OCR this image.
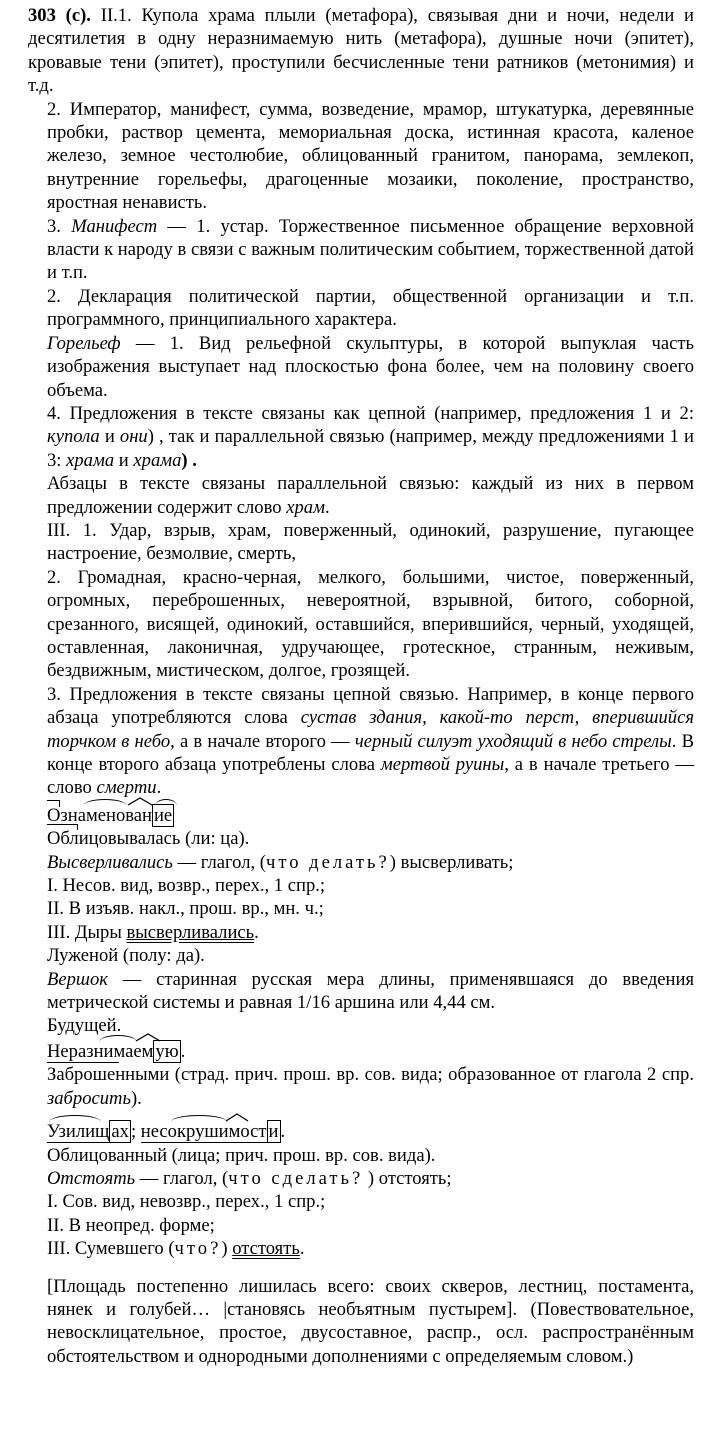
303 (с). II.1. Купола храма плыли (метафора), связывая дни и ночи, недели и десятилетия в одну неразнимаемую нить (метафора), душные ночи (эпитет), кровавые тени (эпитет), проступили бесчисленные тени ратников (метонимия) и т.д.

2. Император, манифест, сумма, возведение, мрамор, штукатурка, деревянные пробки, раствор цемента, мемориальная доска, истинная красота, каленое железо, земное честолюбие, облицованный гранитом, панорама, землекоп, внутренние горельефы, драгоценные мозаики, поколение, пространство, яростная ненависть.

3. Манифест — 1. устар. Торжественное письменное обращение верховной власти к народу в связи с важным политическим событием, торжественной датой и т.п.

2. Декларация политической партии, общественной организации и т.п. программного, принципиального характера.

Горельеф — 1. Вид рельефной скульптуры, в которой выпуклая часть изображения выступает над плоскостью фона более, чем на половину своего объема.

4. Предложения в тексте связаны как цепной (например, предложения 1 и 2: купола и они) , так и параллельной связью (например, между предложениями 1 и 3: храма и храма) .

Абзацы в тексте связаны параллельной связью: каждый из них в первом предложении содержит слово храм.

III. 1. Удар, взрыв, храм, поверженный, одинокий, разрушение, пугающее настроение, безмолвие, смерть,

2. Громадная, красно-черная, мелкого, большими, чистое, поверженный, огромных, переброшенных, невероятной, взрывной, битого, соборной, срезанного, висящей, одинокий, оставшийся, вперившийся, черный, уходящей, оставленная, лаконичная, удручающее, гротескное, странным, неживым, бездвижным, мистическом, долгое, грозящей.

3. Предложения в тексте связаны цепной связью. Например, в конце первого абзаца употребляются слова сустав здания, какой-то перст, вперившийся торчком в небо, а в начале второго — черный силуэт уходящий в небо стрелы. В конце второго абзаца употреблены слова мертвой руины, а в начале третьего — слово смерти.

Ознаменован ие

Облицовывалась (ли: ца).

Высверливались — глагол, (что делать?) высверливать;

I. Несов. вид, возвр., перех., 1 спр.;

II. В изъяв. накл., прош. вр., мн. ч.;

III. Дыры высверливались.

Луженой (полу: да).

Вершок — старинная русская мера длины, применявшаяся до введения метрической системы и равная 1/16 аршина или 4,44 см.

Будущей.

Неразнимаем ую .

Заброшенными (страд. прич. прош. вр. сов. вида; образованное от глагола 2 спр. забросить).

Узилищ ах ;
несокрушимост и .

Облицованный (лица; прич. прош. вр. сов. вида).

Отстоять — глагол, (что сделать? ) отстоять;

I. Сов. вид, невозвр., перех., 1 спр.;

II. В неопред. форме;

III. Сумевшего (что?) отстоять.

[Площадь постепенно лишилась всего: своих скверов, лестниц, постамента, нянек и голубей… |становясь необъятным пустырем]. (Повествовательное, невосклицательное, простое, двусоставное, распр., осл. распространённым обстоятельством и однородными дополнениями с определяемым словом.)
